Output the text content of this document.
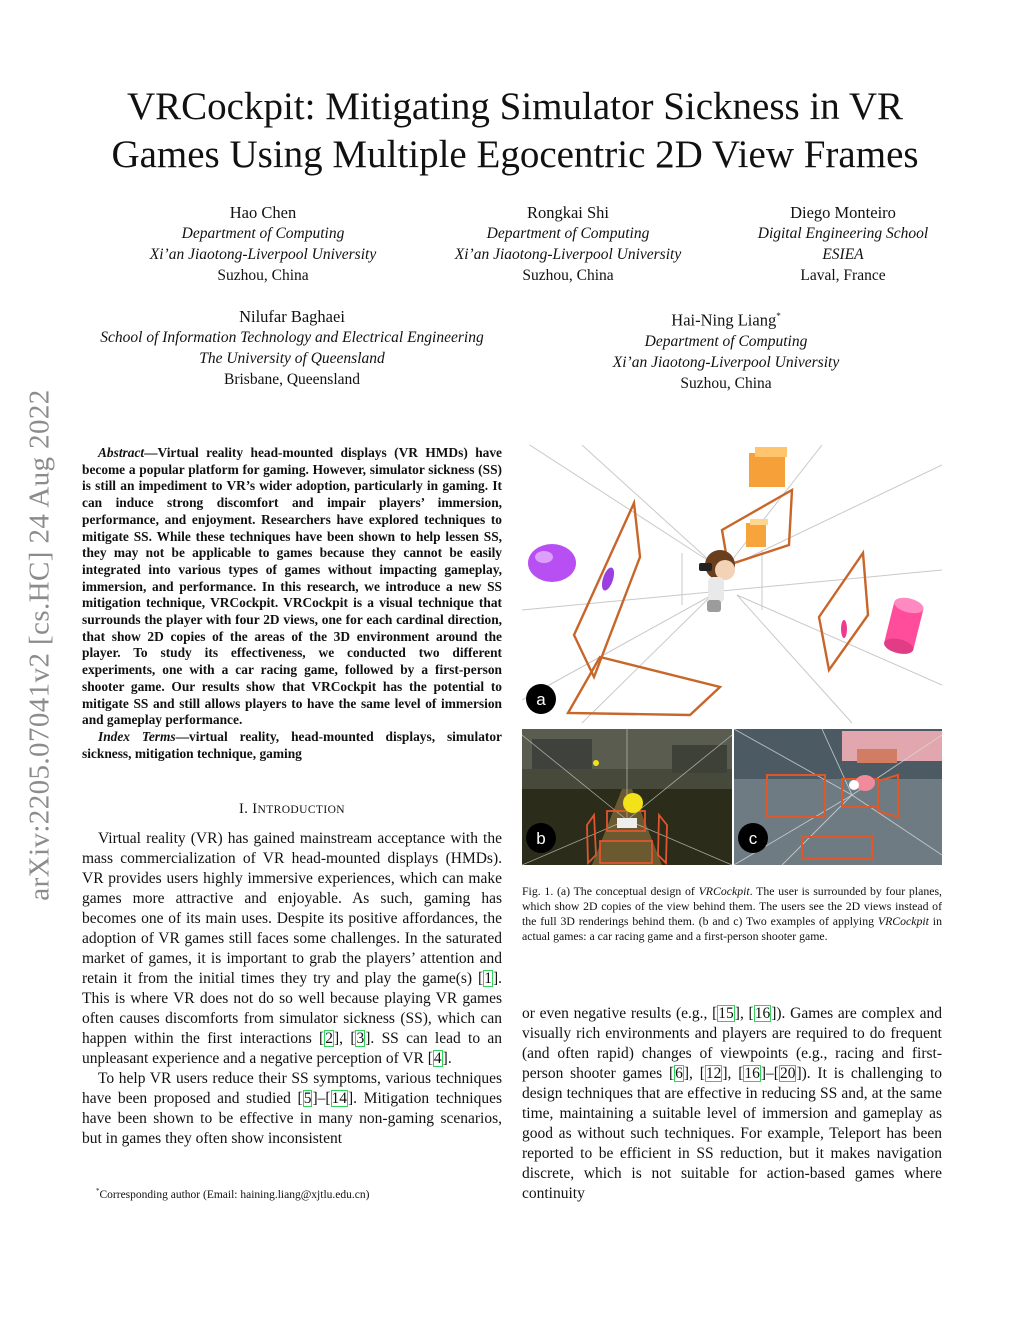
arXiv:2205.07041v2 [cs.HC] 24 Aug 2022
VRCockpit: Mitigating Simulator Sickness in VR
Games Using Multiple Egocentric 2D View Frames
Hao Chen
Department of Computing
Xi’an Jiaotong-Liverpool University
Suzhou, China
Rongkai Shi
Department of Computing
Xi’an Jiaotong-Liverpool University
Suzhou, China
Diego Monteiro
Digital Engineering School
ESIEA
Laval, France
Nilufar Baghaei
School of Information Technology and Electrical Engineering
The University of Queensland
Brisbane, Queensland
Hai-Ning Liang*
Department of Computing
Xi’an Jiaotong-Liverpool University
Suzhou, China

Abstract—Virtual reality head-mounted displays (VR HMDs) have become a popular platform for gaming. However, simulator sickness (SS) is still an impediment to VR’s wider adoption, particularly in gaming. It can induce strong discomfort and impair players’ immersion, performance, and enjoyment. Researchers have explored techniques to mitigate SS. While these techniques have been shown to help lessen SS, they may not be applicable to games because they cannot be easily integrated into various types of games without impacting gameplay, immersion, and performance. In this research, we introduce a new SS mitigation technique, VRCockpit. VRCockpit is a visual technique that surrounds the player with four 2D views, one for each cardinal direction, that show 2D copies of the areas of the 3D environment around the player. To study its effectiveness, we conducted two different experiments, one with a car racing game, followed by a first-person shooter game. Our results show that VRCockpit has the potential to mitigate SS and still allows players to have the same level of immersion and gameplay performance.

Index Terms—virtual reality, head-mounted displays, simulator sickness, mitigation technique, gaming

I. INTRODUCTION

Virtual reality (VR) has gained mainstream acceptance with the mass commercialization of VR head-mounted displays (HMDs). VR provides users highly immersive experiences, which can make games more attractive and enjoyable. As such, gaming has becomes one of its main uses. Despite its positive affordances, the adoption of VR games still faces some challenges. In the saturated market of games, it is important to grab the players’ attention and retain it from the initial times they try and play the game(s) [1]. This is where VR does not do so well because playing VR games often causes discomforts from simulator sickness (SS), which can happen within the first interactions [2], [3]. SS can lead to an unpleasant experience and a negative perception of VR [4].

To help VR users reduce their SS symptoms, various techniques have been proposed and studied [5]–[14]. Mitigation techniques have been shown to be effective in many non-gaming scenarios, but in games they often show inconsistent

*Corresponding author (Email: haining.liang@xjtlu.edu.cn)
a
b	c
Fig. 1. (a) The conceptual design of VRCockpit. The user is surrounded by four planes, which show 2D copies of the view behind them. The users see the 2D views instead of the full 3D renderings behind them. (b and c) Two examples of applying VRCockpit in actual games: a car racing game and a first-person shooter game.

or even negative results (e.g., [15], [16]). Games are complex and visually rich environments and players are required to do frequent (and often rapid) changes of viewpoints (e.g., racing and first-person shooter games [6], [12], [16]–[20]). It is challenging to design techniques that are effective in reducing SS and, at the same time, maintaining a suitable level of immersion and gameplay as good as without such techniques. For example, Teleport has been reported to be efficient in SS reduction, but it makes navigation discrete, which is not suitable for action-based games where continuity
